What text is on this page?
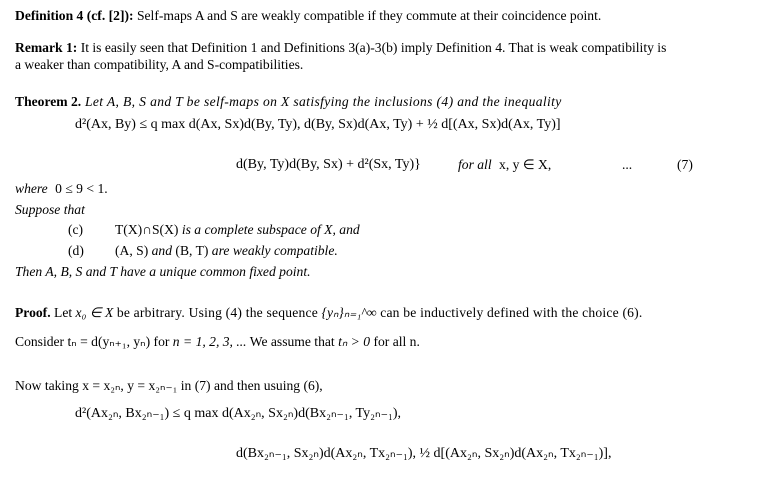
Definition 4 (cf. [2]): Self-maps A and S are weakly compatible if they commute at their coincidence point.
Remark 1: It is easily seen that Definition 1 and Definitions 3(a)-3(b) imply Definition 4. That is weak compatibility is
a weaker than compatibility, A and S-compatibilities.
Theorem 2. Let A, B, S and T be self-maps on X satisfying the inclusions (4) and the inequality
d²(Ax, By) ≤ q max d(Ax, Sx)d(By, Ty), d(By, Sx)d(Ax, Ty) + ½ d[(Ax, Sx)d(Ax, Ty)]
d(By, Ty)d(By, Sx) + d²(Sx, Ty)}	for all x, y ∈ X,	...	(7)
where 0 ≤ 9 < 1.
Suppose that
(c) T(X)∩S(X) is a complete subspace of X, and
(d) (A, S) and (B, T) are weakly compatible.
Then A, B, S and T have a unique common fixed point.
Proof. Let x₀ ∈ X be arbitrary. Using (4) the sequence {yₙ}ₙ₌₁^∞ can be inductively defined with the choice (6).
Consider tₙ = d(yₙ₊₁, yₙ) for n = 1, 2, 3, ... We assume that tₙ > 0 for all n.
Now taking x = x₂ₙ, y = x₂ₙ₋₁ in (7) and then usuing (6),
d²(Ax₂ₙ, Bx₂ₙ₋₁) ≤ q max d(Ax₂ₙ, Sx₂ₙ)d(Bx₂ₙ₋₁, Ty₂ₙ₋₁),
d(Bx₂ₙ₋₁, Sx₂ₙ)d(Ax₂ₙ, Tx₂ₙ₋₁), ½ d[(Ax₂ₙ, Sx₂ₙ)d(Ax₂ₙ, Tx₂ₙ₋₁)],
